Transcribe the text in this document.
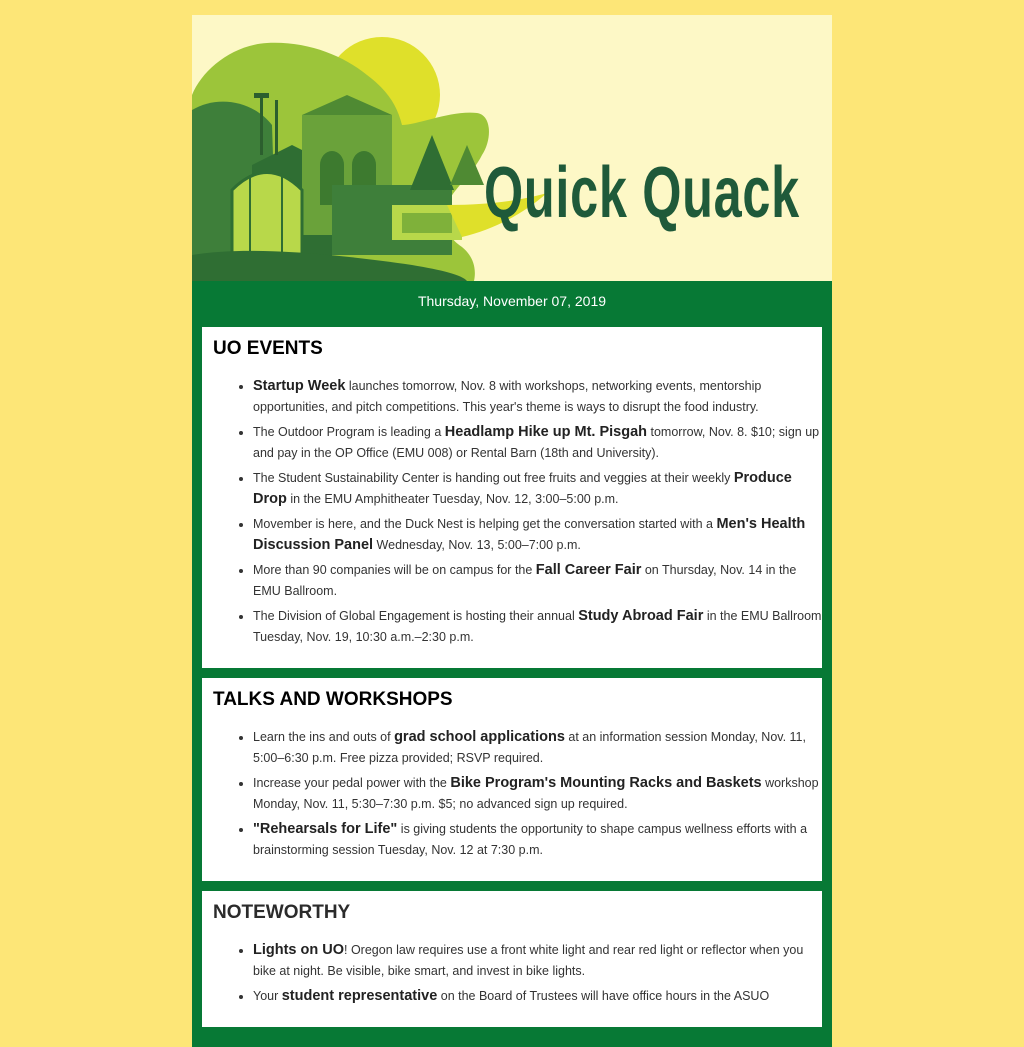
Quick Quack
Thursday, November 07, 2019
UO EVENTS
• Startup Week launches tomorrow, Nov. 8 with workshops, networking events, mentorship opportunities, and pitch competitions. This year's theme is ways to disrupt the food industry.
• The Outdoor Program is leading a Headlamp Hike up Mt. Pisgah tomorrow, Nov. 8. $10; sign up and pay in the OP Office (EMU 008) or Rental Barn (18th and University).
• The Student Sustainability Center is handing out free fruits and veggies at their weekly Produce Drop in the EMU Amphitheater Tuesday, Nov. 12, 3:00–5:00 p.m.
• Movember is here, and the Duck Nest is helping get the conversation started with a Men's Health Discussion Panel Wednesday, Nov. 13, 5:00–7:00 p.m.
• More than 90 companies will be on campus for the Fall Career Fair on Thursday, Nov. 14 in the EMU Ballroom.
• The Division of Global Engagement is hosting their annual Study Abroad Fair in the EMU Ballroom Tuesday, Nov. 19, 10:30 a.m.–2:30 p.m.
TALKS AND WORKSHOPS
• Learn the ins and outs of grad school applications at an information session Monday, Nov. 11, 5:00–6:30 p.m. Free pizza provided; RSVP required.
• Increase your pedal power with the Bike Program's Mounting Racks and Baskets workshop Monday, Nov. 11, 5:30–7:30 p.m. $5; no advanced sign up required.
• "Rehearsals for Life" is giving students the opportunity to shape campus wellness efforts with a brainstorming session Tuesday, Nov. 12 at 7:30 p.m.
NOTEWORTHY
• Lights on UO! Oregon law requires use a front white light and rear red light or reflector when you bike at night. Be visible, bike smart, and invest in bike lights.
• Your student representative on the Board of Trustees will have office hours in the ASUO
